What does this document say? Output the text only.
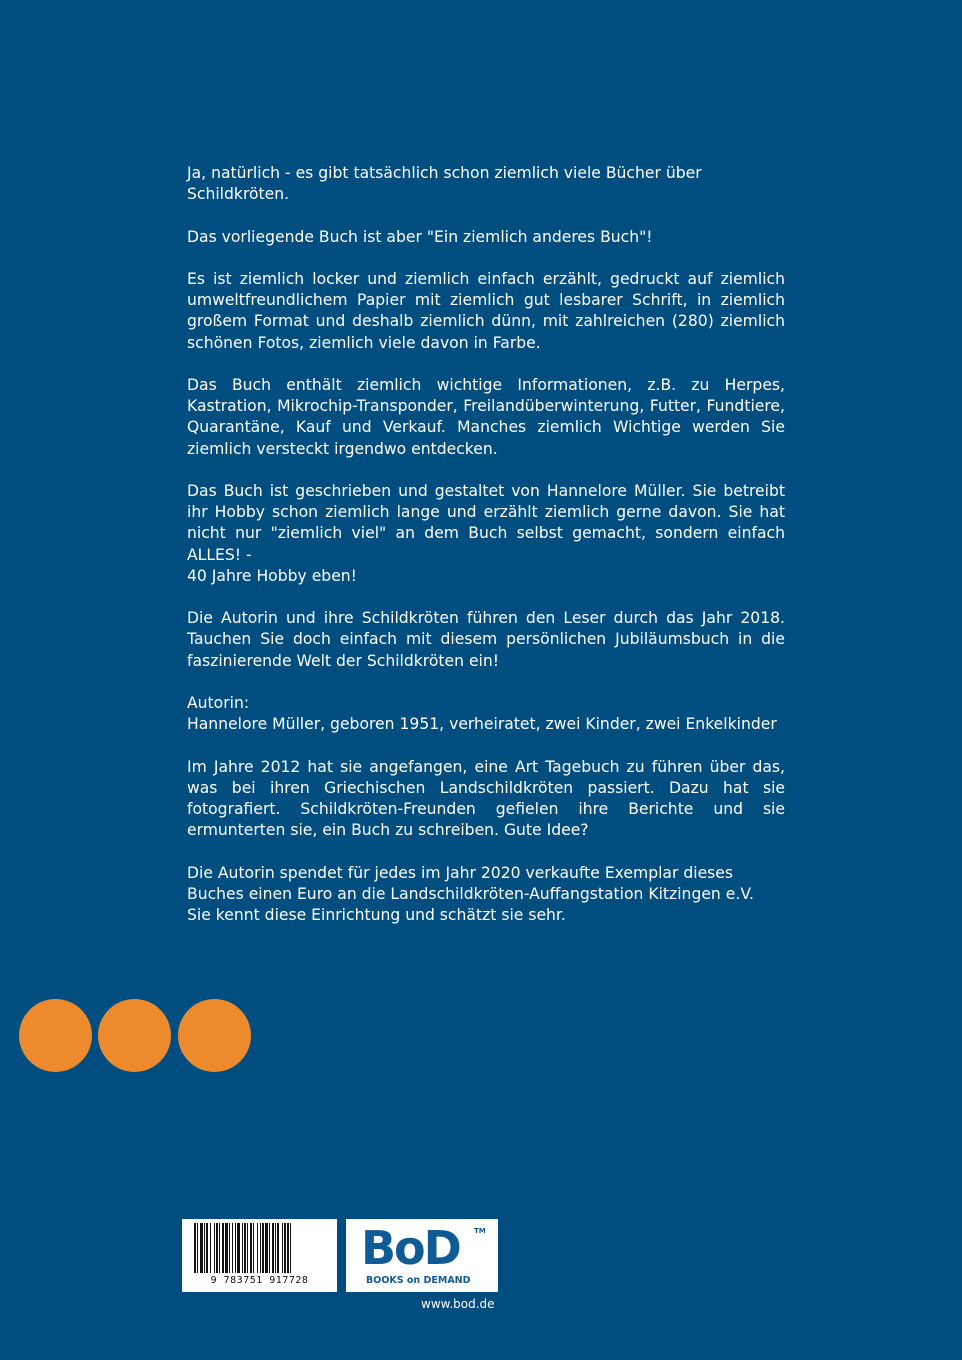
Ja, natürlich - es gibt tatsächlich schon ziemlich viele Bücher über Schildkröten.

Das vorliegende Buch ist aber "Ein ziemlich anderes Buch"!

Es ist ziemlich locker und ziemlich einfach erzählt, gedruckt auf ziemlich umweltfreundlichem Papier mit ziemlich gut lesbarer Schrift, in ziemlich großem Format und deshalb ziemlich dünn, mit zahlreichen (280) ziemlich schönen Fotos, ziemlich viele davon in Farbe.

Das Buch enthält ziemlich wichtige Informationen, z.B. zu Herpes, Kastration, Mikrochip-Transponder, Freilandüberwinterung, Futter, Fundtiere, Quarantäne, Kauf und Verkauf. Manches ziemlich Wichtige werden Sie ziemlich versteckt irgendwo entdecken.

Das Buch ist geschrieben und gestaltet von Hannelore Müller. Sie betreibt ihr Hobby schon ziemlich lange und erzählt ziemlich gerne davon. Sie hat nicht nur "ziemlich viel" an dem Buch selbst gemacht, sondern einfach ALLES! -
40 Jahre Hobby eben!

Die Autorin und ihre Schildkröten führen den Leser durch das Jahr 2018. Tauchen Sie doch einfach mit diesem persönlichen Jubiläumsbuch in die faszinierende Welt der Schildkröten ein!

Autorin:
Hannelore Müller, geboren 1951, verheiratet, zwei Kinder, zwei Enkelkinder

Im Jahre 2012 hat sie angefangen, eine Art Tagebuch zu führen über das, was bei ihren Griechischen Landschildkröten passiert. Dazu hat sie fotografiert. Schildkröten-Freunden gefielen ihre Berichte und sie ermunterten sie, ein Buch zu schreiben. Gute Idee?

Die Autorin spendet für jedes im Jahr 2020 verkaufte Exemplar dieses Buches einen Euro an die Landschildkröten-Auffangstation Kitzingen e.V.
Sie kennt diese Einrichtung und schätzt sie sehr.

9 783751 917728
BoD TM
BOOKS on DEMAND
www.bod.de
